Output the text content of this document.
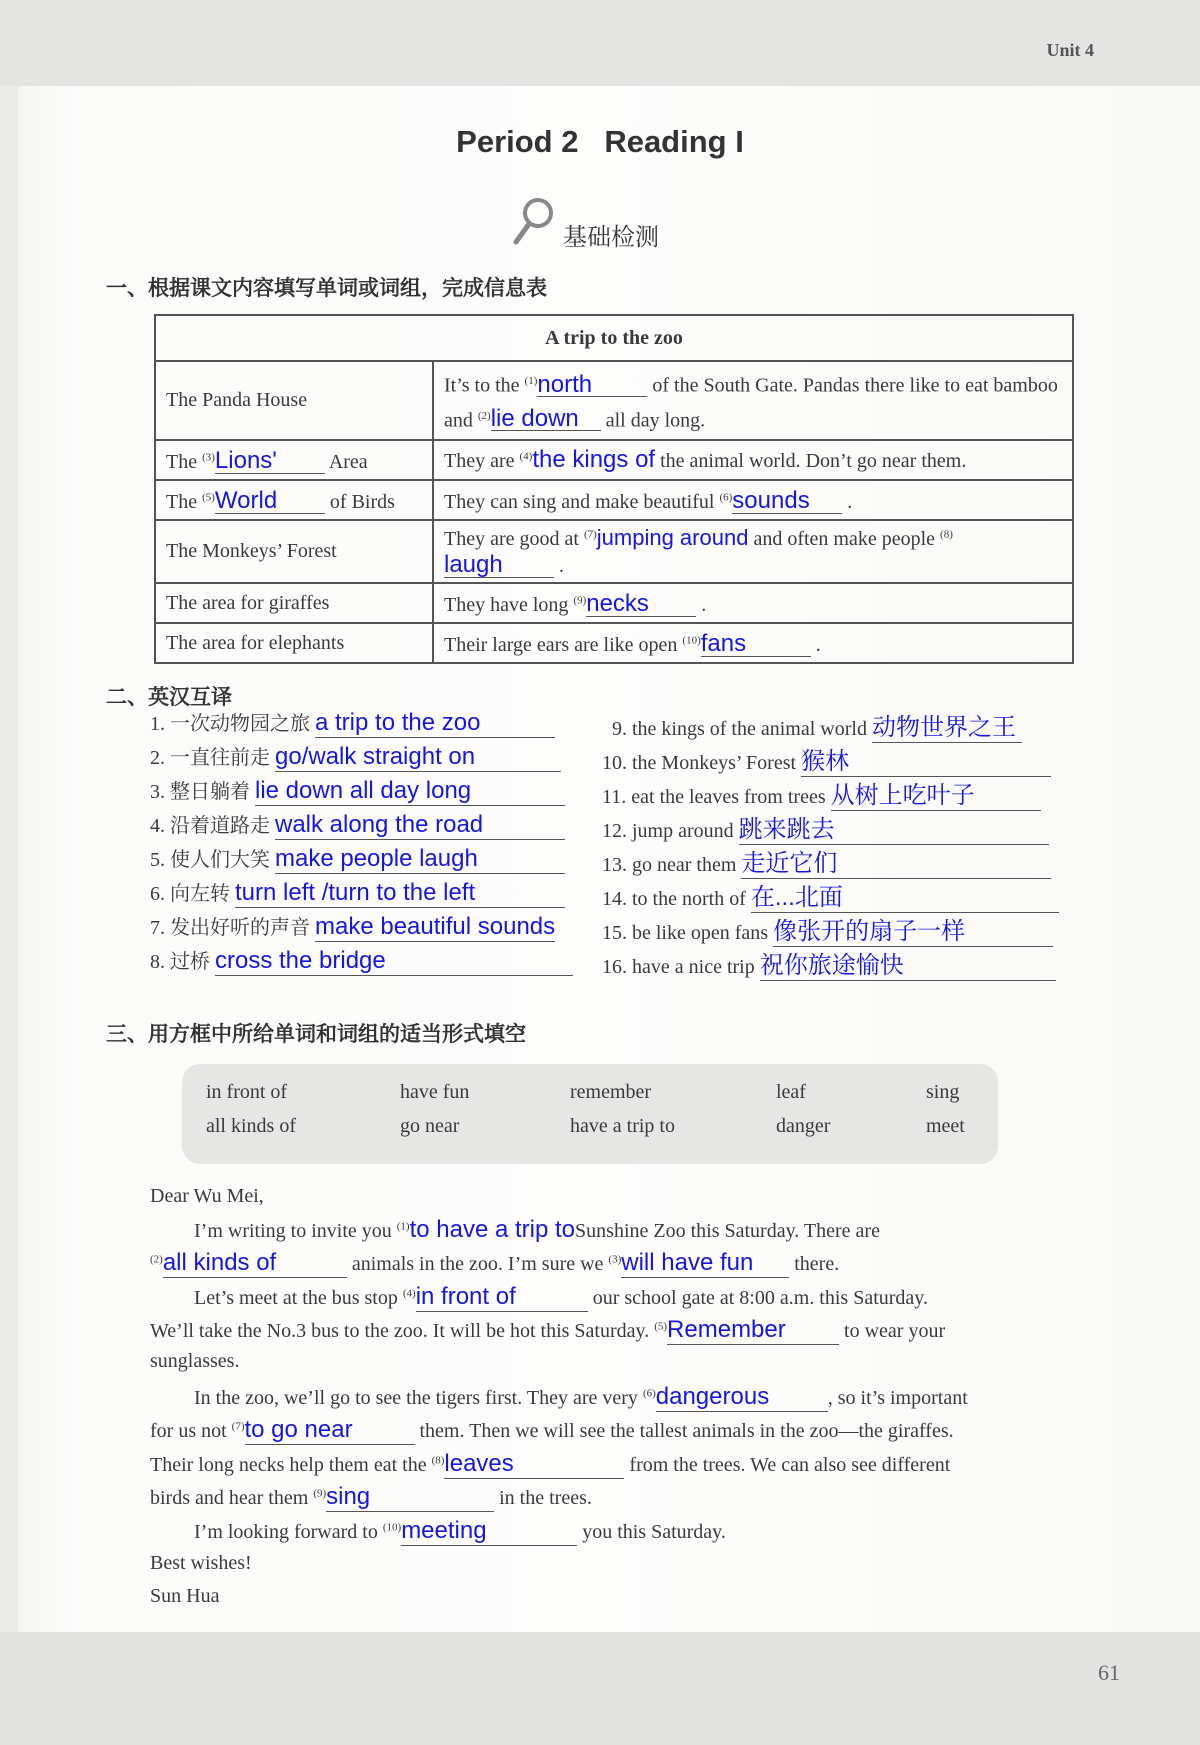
Unit 4
61
Period 2   Reading I
基础检测
一、根据课文内容填写单词或词组，完成信息表
A trip to the zoo	
The Panda House	It’s to the $^{(1)}$north of the South Gate. Pandas there like to eat bamboo and $^{(2)}$lie down all day long.
The $^{(3)}$Lions' Area	They are $^{(4)}$the kings of the animal world. Don’t go near them.
The $^{(5)}$World of Birds	They can sing and make beautiful $^{(6)}$sounds .
The Monkeys’ Forest	They are good at $^{(7)}$jumping around and often make people $^{(8)}$laugh .
The area for giraffes	They have long $^{(9)}$necks .
The area for elephants	Their large ears are like open $^{(10)}$fans .
二、英汉互译
1. 一次动物园之旅 a trip to the zoo
2. 一直往前走 go/walk straight on
3. 整日躺着 lie down all day long
4. 沿着道路走 walk along the road
5. 使人们大笑 make people laugh
6. 向左转 turn left /turn to the left
7. 发出好听的声音 make beautiful sounds
8. 过桥 cross the bridge
9. the kings of the animal world 动物世界之王
10. the Monkeys’ Forest 猴林
11. eat the leaves from trees 从树上吃叶子
12. jump around 跳来跳去
13. go near them 走近它们
14. to the north of 在...北面
15. be like open fans 像张开的扇子一样
16. have a nice trip 祝你旅途愉快
三、用方框中所给单词和词组的适当形式填空
in front of	have fun	remember	leaf	sing
all kinds of	go near	have a trip to	danger	meet
Dear Wu Mei,
I’m writing to invite you $^{(1)}$to have a trip toSunshine Zoo this Saturday. There are
$^{(2)}$all kinds of	animals in the zoo. I’m sure we $^{(3)}$will have fun there.
Let’s meet at the bus stop $^{(4)}$in front of	our school gate at 8:00 a.m. this Saturday.
We’ll take the No.3 bus to the zoo. It will be hot this Saturday. $^{(5)}$Remember	to wear your
sunglasses.
In the zoo, we’ll go to see the tigers first. They are very $^{(6)}$dangerous	, so it’s important
for us not $^{(7)}$to go near	them. Then we will see the tallest animals in the zoo—the giraffes.
Their long necks help them eat the $^{(8)}$leaves	from the trees. We can also see different
birds and hear them $^{(9)}$sing	in the trees.
I’m looking forward to $^{(10)}$meeting	you this Saturday.
Best wishes!
Sun Hua
